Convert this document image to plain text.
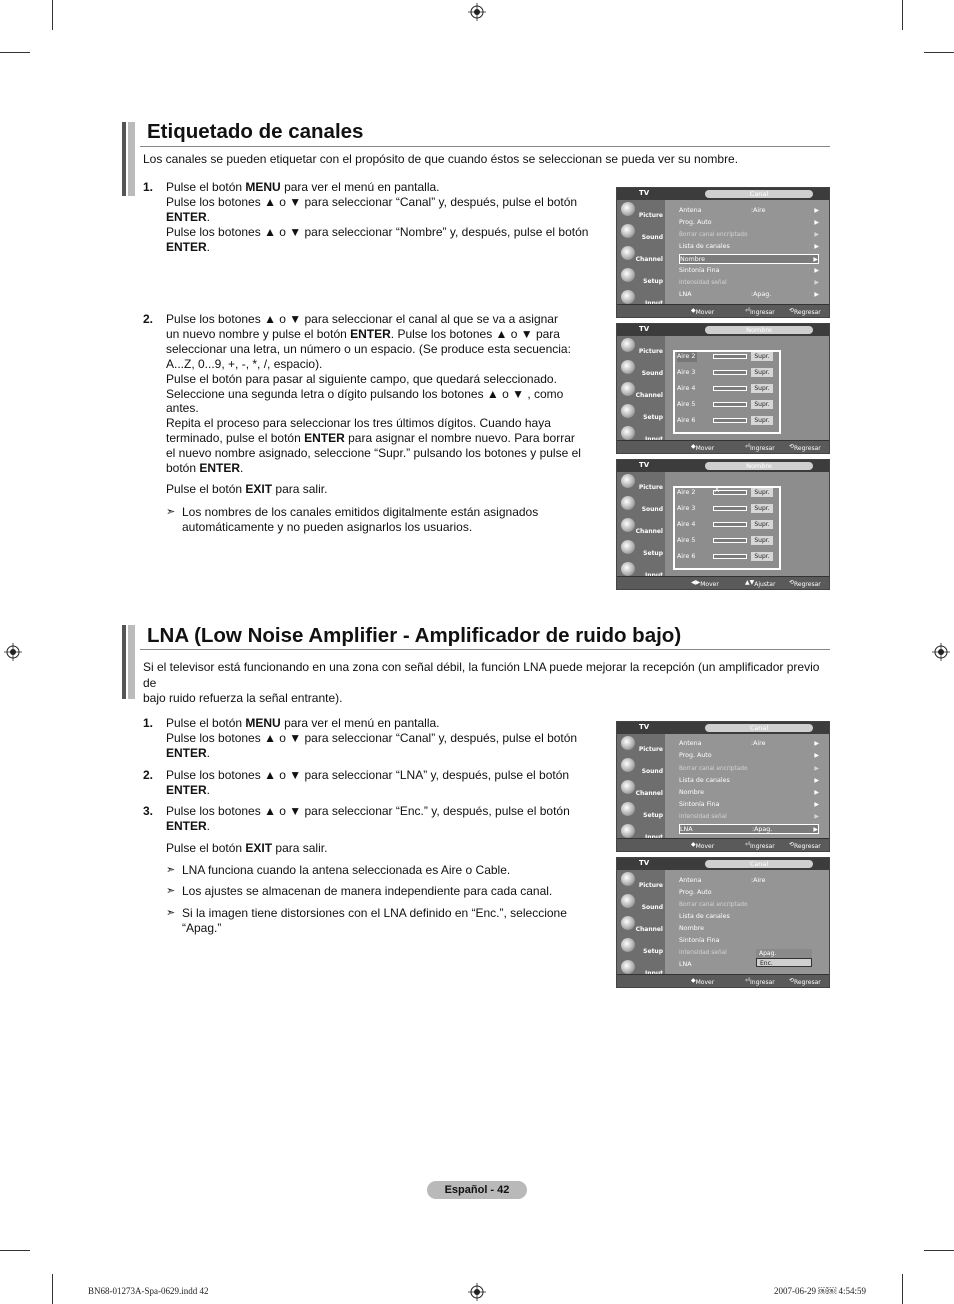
Etiquetado de canales
Los canales se pueden etiquetar con el propósito de que cuando éstos se seleccionan se pueda ver su nombre.
1. Pulse el botón MENU para ver el menú en pantalla.
Pulse los botones ▲ o ▼ para seleccionar “Canal” y, después, pulse el botón
ENTER.
Pulse los botones ▲ o ▼ para seleccionar “Nombre” y, después, pulse el botón
ENTER.
2. Pulse los botones ▲ o ▼ para seleccionar el canal al que se va a asignar
un nuevo nombre y pulse el botón ENTER. Pulse los botones ▲ o ▼ para
seleccionar una letra, un número o un espacio. (Se produce esta secuencia:
A...Z, 0...9, +, -, *, /, espacio).
Pulse el botón para pasar al siguiente campo, que quedará seleccionado.
Seleccione una segunda letra o dígito pulsando los botones ▲ o ▼ , como
antes.
Repita el proceso para seleccionar los tres últimos dígitos. Cuando haya
terminado, pulse el botón ENTER para asignar el nombre nuevo. Para borrar
el nuevo nombre asignado, seleccione “Supr.” pulsando los botones y pulse el
botón ENTER.
Pulse el botón EXIT para salir.
➣ Los nombres de los canales emitidos digitalmente están asignados
automáticamente y no pueden asignarlos los usuarios.
TV	Canal
Picture
Sound
Channel
Setup
Antena	:Aire	▶
Prog. Auto	▶
Borrar canal encriptado	▶
Lista de canales	▶
Nombre	▶
Sintonía Fina	▶
Intensidad señal	▶
LNA	:Apag.	▶
◆ Mover	⏎ Ingresar ⟲ Regresar
TV	Nombre
Picture
Sound
Channel
Setup
Aire 2	Supr.
Aire 3	Supr.
Aire 4	Supr.
Aire 5	Supr.
Aire 6	Supr.
◆ Mover	⏎ Ingresar ⟲ Regresar
TV	Nombre
Picture
Sound
Channel
Setup
Aire 2	A	Supr.
Aire 3	Supr.
Aire 4	Supr.
Aire 5	Supr.
Aire 6	Supr.
◀▶ Mover	▲▼ Ajustar ⟲ Regresar
LNA (Low Noise Amplifier - Amplificador de ruido bajo)
Si el televisor está funcionando en una zona con señal débil, la función LNA puede mejorar la recepción (un amplificador previo de
bajo ruido refuerza la señal entrante).
1. Pulse el botón MENU para ver el menú en pantalla.
Pulse los botones ▲ o ▼ para seleccionar “Canal” y, después, pulse el botón
ENTER.
2. Pulse los botones ▲ o ▼ para seleccionar “LNA” y, después, pulse el botón
ENTER.
3. Pulse los botones ▲ o ▼ para seleccionar “Enc.” y, después, pulse el botón
ENTER.
Pulse el botón EXIT para salir.
➣ LNA funciona cuando la antena seleccionada es Aire o Cable.
➣ Los ajustes se almacenan de manera independiente para cada canal.
➣ Si la imagen tiene distorsiones con el LNA definido en “Enc.”, seleccione
“Apag.”
TV	Canal
Picture
Sound
Channel
Setup
Antena	:Aire	▶
Prog. Auto	▶
Borrar canal encriptado	▶
Lista de canales	▶
Nombre	▶
Sintonía Fina	▶
Intensidad señal	▶
LNA	:Apag.	▶
◆ Mover	⏎ Ingresar ⟲ Regresar
TV	Canal
Picture
Sound
Channel
Setup
Antena	:Aire
Prog. Auto
Borrar canal encriptado
Lista de canales
Nombre
Sintonía Fina
Intensidad señal
LNA
Apag.
Enc.
◆ Mover	⏎ Ingresar ⟲ Regresar
Español - 42
BN68-01273A-Spa-0629.indd 42	2007-06-29 ￼￼ 4:54:59
